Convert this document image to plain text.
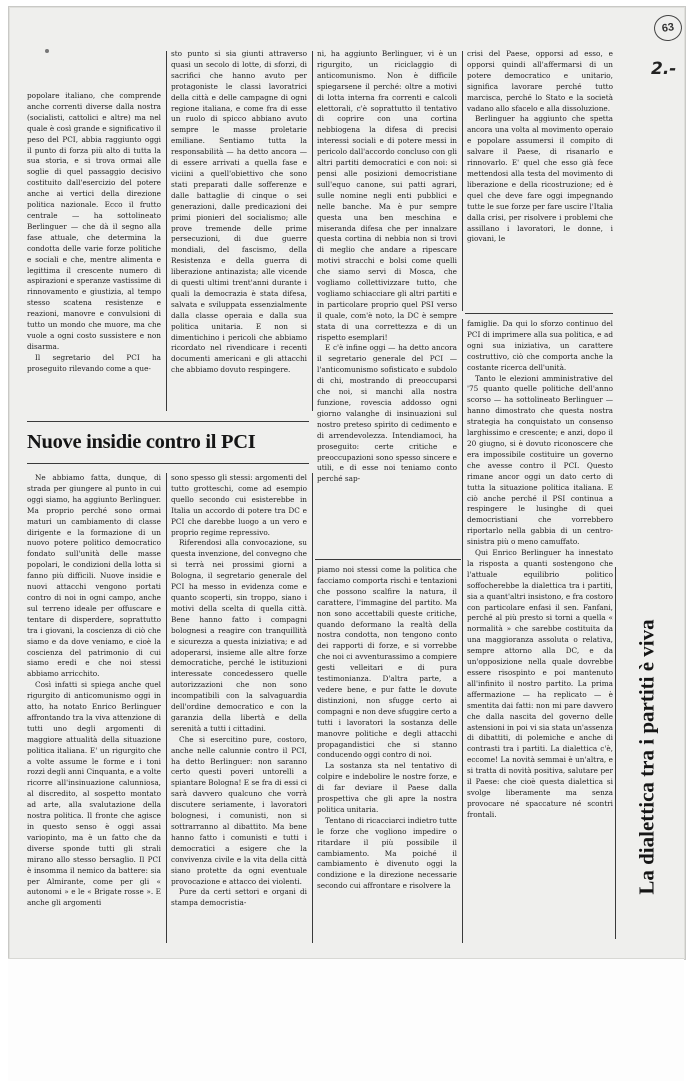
63
2.-

popolare italiano, che comprende anche correnti diverse dalla nostra (socialisti, cattolici e altre) ma nel quale è così grande e significativo il peso del PCI, abbia raggiunto oggi il punto di forza più alto di tutta la sua storia, e si trova ormai alle soglie di quel passaggio decisivo costituito dall'esercizio del potere anche ai vertici della direzione politica nazionale. Ecco il frutto centrale — ha sottolineato Berlinguer — che dà il segno alla fase attuale, che determina la condotta delle varie forze politiche e sociali e che, mentre alimenta e legittima il crescente numero di aspirazioni e speranze vastissime di rinnovamento e giustizia, al tempo stesso scatena resistenze e reazioni, manovre e convulsioni di tutto un mondo che muore, ma che vuole a ogni costo sussistere e non disarma.

Il segretario del PCI ha proseguito rilevando come a que-

sto punto si sia giunti attraverso quasi un secolo di lotte, di sforzi, di sacrifici che hanno avuto per protagoniste le classi lavoratrici della città e delle campagne di ogni regione italiana, e come fra di esse un ruolo di spicco abbiano avuto sempre le masse proletarie emiliane. Sentiamo tutta la responsabilità — ha detto ancora — di essere arrivati a quella fase e viciini a quell'obiettivo che sono stati preparati dalle sofferenze e dalle battaglie di cinque o sei generazioni, dalle predicazioni dei primi pionieri del socialismo; alle prove tremende delle prime persecuzioni, di due guerre mondiali, del fascismo, della Resistenza e della guerra di liberazione antinazista; alle vicende di questi ultimi trent'anni durante i quali la democrazia è stata difesa, salvata e sviluppata essenzialmente dalla classe operaia e dalla sua politica unitaria. E non si dimentichino i pericoli che abbiamo ricordato nel rivendicare i recenti documenti americani e gli attacchi che abbiamo dovuto respingere.

ni, ha aggiunto Berlinguer, vi è un rigurgito, un riciclaggio di anticomunismo. Non è difficile spiegarsene il perché: oltre a motivi di lotta interna fra correnti e calcoli elettorali, c'è soprattutto il tentativo di coprire con una cortina nebbiogena la difesa di precisi interessi sociali e di potere messi in pericolo dall'accordo concluso con gli altri partiti democratici e con noi: si pensi alle posizioni democristiane sull'equo canone, sui patti agrari, sulle nomine negli enti pubblici e nelle banche. Ma è pur sempre questa una ben meschina e miseranda difesa che per innalzare questa cortina di nebbia non si trovi di meglio che andare a ripescare motivi stracchi e bolsi come quelli che siamo servi di Mosca, che vogliamo collettivizzare tutto, che vogliamo schiacciare gli altri partiti e in particolare proprio quel PSI verso il quale, com'è noto, la DC è sempre stata di una correttezza e di un rispetto esemplari!

E c'è infine oggi — ha detto ancora il segretario generale del PCI — l'anticomunismo sofisticato e subdolo di chi, mostrando di preoccuparsi che noi, si manchi alla nostra funzione, rovescia addosso ogni giorno valanghe di insinuazioni sul nostro preteso spirito di cedimento e di arrendevolezza. Intendiamoci, ha proseguito: certe critiche e preoccupazioni sono spesso sincere e utili, e di esse noi teniamo conto perché sap-

crisi del Paese, opporsi ad esso, e opporsi quindi all'affermarsi di un potere democratico e unitario, significa lavorare perché tutto marcisca, perché lo Stato e la società vadano allo sfacelo e alla dissoluzione.

Berlinguer ha aggiunto che spetta ancora una volta al movimento operaio e popolare assumersi il compito di salvare il Paese, di risanarlo e rinnovarlo. E' quel che esso già fece mettendosi alla testa del movimento di liberazione e della ricostruzione; ed è quel che deve fare oggi impegnando tutte le sue forze per fare uscire l'Italia dalla crisi, per risolvere i problemi che assillano i lavoratori, le donne, i giovani, le

Nuove insidie contro il PCI

Ne abbiamo fatta, dunque, di strada per giungere al punto in cui oggi siamo, ha aggiunto Berlinguer. Ma proprio perché sono ormai maturi un cambiamento di classe dirigente e la formazione di un nuovo potere politico democratico fondato sull'unità delle masse popolari, le condizioni della lotta si fanno più difficili. Nuove insidie e nuovi attacchi vengono portati contro di noi in ogni campo, anche sul terreno ideale per offuscare e tentare di disperdere, soprattutto tra i giovani, la coscienza di ciò che siamo e da dove veniamo, e cioè la coscienza del patrimonio di cui siamo eredi e che noi stessi abbiamo arricchito.

Così infatti si spiega anche quel rigurgito di anticomunismo oggi in atto, ha notato Enrico Berlinguer affrontando tra la viva attenzione di tutti uno degli argomenti di maggiore attualità della situazione politica italiana. E' un rigurgito che a volte assume le forme e i toni rozzi degli anni Cinquanta, e a volte ricorre all'insinuazione calunniosa, al discredito, al sospetto montato ad arte, alla svalutazione della nostra politica. Il fronte che agisce in questo senso è oggi assai variopinto, ma è un fatto che da diverse sponde tutti gli strali mirano allo stesso bersaglio. Il PCI è insomma il nemico da battere: sia per Almirante, come per gli « autonomi » e le « Brigate rosse ». E anche gli argomenti

sono spesso gli stessi: argomenti del tutto grotteschi, come ad esempio quello secondo cui esisterebbe in Italia un accordo di potere tra DC e PCI che darebbe luogo a un vero e proprio regime repressivo.

Riferendosi alla convocazione, su questa invenzione, del convegno che si terrà nei prossimi giorni a Bologna, il segretario generale del PCI ha messo in evidenza come e quanto scoperti, sin troppo, siano i motivi della scelta di quella città. Bene hanno fatto i compagni bolognesi a reagire con tranquillità e sicurezza a questa iniziativa; e ad adoperarsi, insieme alle altre forze democratiche, perché le istituzioni interessate concedessero quelle autorizzazioni che non sono incompatibili con la salvaguardia dell'ordine democratico e con la garanzia della libertà e della serenità a tutti i cittadini.

Che si esercitino pure, costoro, anche nelle calunnie contro il PCI, ha detto Berlinguer: non saranno certo questi poveri untorelli a spiantare Bologna! E se fra di essi ci sarà davvero qualcuno che vorrà discutere seriamente, i lavoratori bolognesi, i comunisti, non si sottrarranno al dibattito. Ma bene hanno fatto i comunisti e tutti i democratici a esigere che la convivenza civile e la vita della città siano protette da ogni eventuale provocazione e attacco dei violenti.

Pure da certi settori e organi di stampa democristia-

piamo noi stessi come la politica che facciamo comporta rischi e tentazioni che possono scalfire la natura, il carattere, l'immagine del partito. Ma non sono accettabili queste critiche, quando deformano la realtà della nostra condotta, non tengono conto dei rapporti di forze, e si vorrebbe che noi ci avventurassimo a compiere gesti velleitari e di pura testimonianza. D'altra parte, a vedere bene, e pur fatte le dovute distinzioni, non sfugge certo ai compagni e non deve sfuggire certo a tutti i lavoratori la sostanza delle manovre politiche e degli attacchi propagandistici che si stanno conducendo oggi contro di noi.

La sostanza sta nel tentativo di colpire e indebolire le nostre forze, e di far deviare il Paese dalla prospettiva che gli apre la nostra politica unitaria.

Tentano di ricacciarci indietro tutte le forze che vogliono impedire o ritardare il più possibile il cambiamento. Ma poiché il cambiamento è divenuto oggi la condizione e la direzione necessarie secondo cui affrontare e risolvere la

famiglie. Da qui lo sforzo continuo del PCI di imprimere alla sua politica, e ad ogni sua iniziativa, un carattere costruttivo, ciò che comporta anche la costante ricerca dell'unità.

Tanto le elezioni amministrative del '75 quanto quelle politiche dell'anno scorso — ha sottolineato Berlinguer — hanno dimostrato che questa nostra strategia ha conquistato un consenso larghissimo e crescente; e anzi, dopo il 20 giugno, si è dovuto riconoscere che era impossibile costituire un governo che avesse contro il PCI. Questo rimane ancor oggi un dato certo di tutta la situazione politica italiana. E ciò anche perché il PSI continua a respingere le lusinghe di quei democristiani che vorrebbero riportarlo nella gabbia di un centro-sinistra più o meno camuffato.

Qui Enrico Berlinguer ha innestato la risposta a quanti sostengono che l'attuale equilibrio politico soffocherebbe la dialettica tra i partiti, sia a quant'altri insistono, e fra costoro con particolare enfasi il sen. Fanfani, perché al più presto si torni a quella « normalità » che sarebbe costituita da una maggioranza assoluta o relativa, sempre attorno alla DC, e da un'opposizione nella quale dovrebbe essere risospinto e poi mantenuto all'infinito il nostro partito. La prima affermazione — ha replicato — è smentita dai fatti: non mi pare davvero che dalla nascita del governo delle astensioni in poi vi sia stata un'assenza di dibattiti, di polemiche e anche di contrasti tra i partiti. La dialettica c'è, eccome! La novità semmai è un'altra, e si tratta di novità positiva, salutare per il Paese: che cioè questa dialettica si svolge liberamente ma senza provocare né spaccature né scontri frontali.	La dialettica tra i partiti è viva
